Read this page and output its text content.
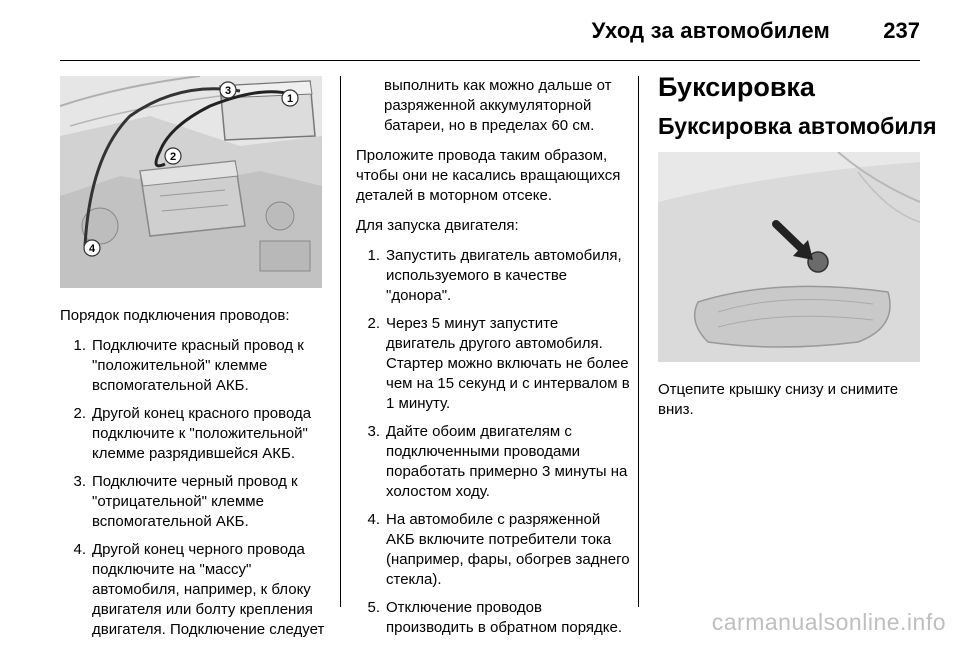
Уход за автомобилем 237
1
2
3
4

Порядок подключения проводов:

1. Подключите красный провод к "положительной" клемме вспомогательной АКБ.
2. Другой конец красного провода подключите к "положительной" клемме разрядившейся АКБ.
3. Подключите черный провод к "отрицательной" клемме вспомогательной АКБ.
4. Другой конец черного провода подключите на "массу" автомобиля, например, к блоку двигателя или болту крепления двигателя. Подключение следует

выполнить как можно дальше от разряженной аккумуляторной батареи, но в пределах 60 см.

Проложите провода таким образом, чтобы они не касались вращающихся деталей в моторном отсеке.

Для запуска двигателя:

1. Запустить двигатель автомобиля, используемого в качестве "донора".
2. Через 5 минут запустите двигатель другого автомобиля. Стартер можно включать не более чем на 15 секунд и с интервалом в 1 минуту.
3. Дайте обоим двигателям с подключенными проводами поработать примерно 3 минуты на холостом ходу.
4. На автомобиле с разряженной АКБ включите потребители тока (например, фары, обогрев заднего стекла).
5. Отключение проводов производить в обратном порядке.
Буксировка
Буксировка автомобиля

Отцепите крышку снизу и снимите вниз.

carmanualsonline.info
